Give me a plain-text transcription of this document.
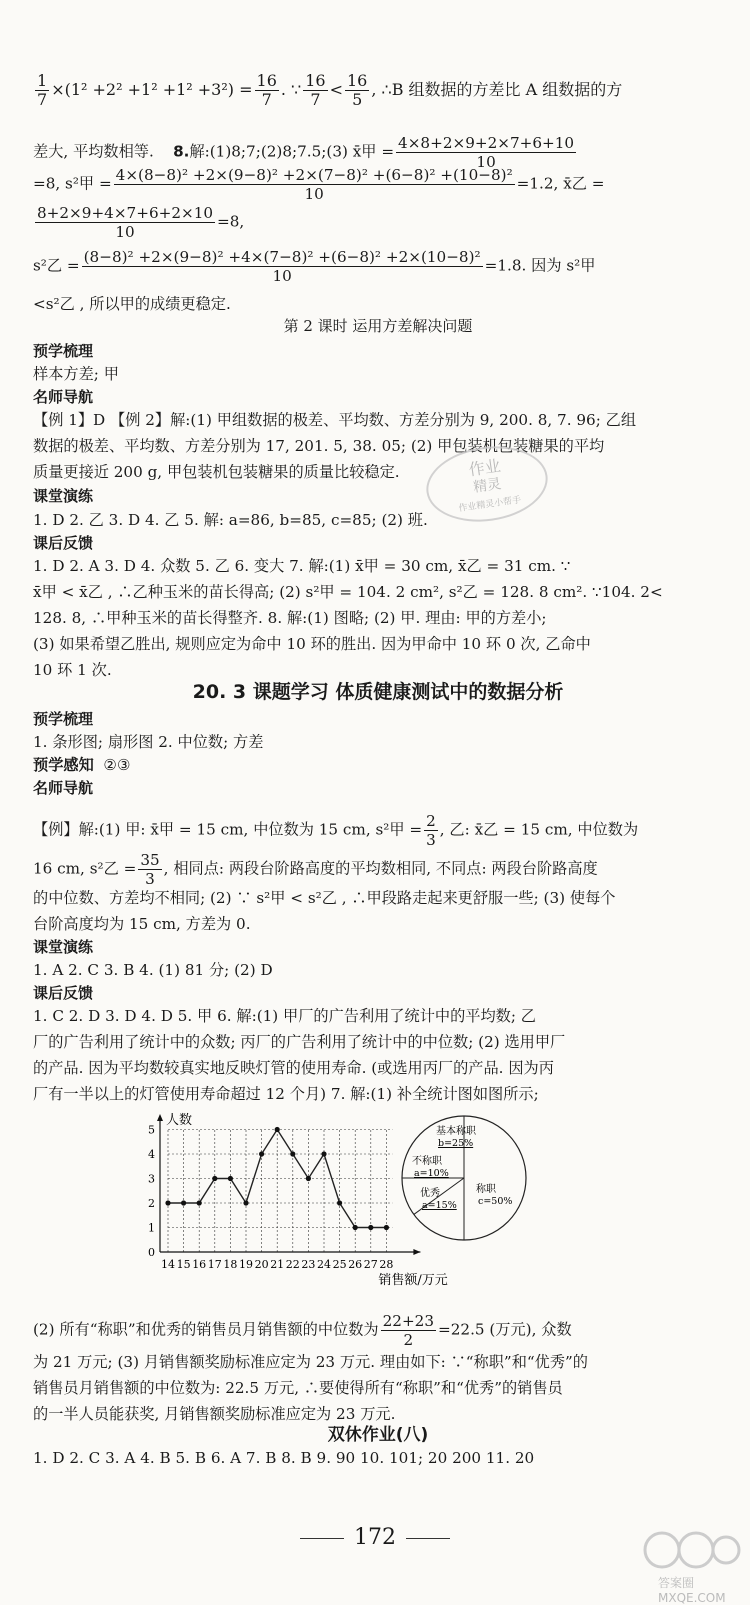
$\frac{1}{7} \times(1^2 +2^2 +1^2 +1^2 +3^2) = \frac{16}{7}$ . ∵ $\frac{16}{7} < \frac{16}{5}$ , ∴B 组数据的方差比 A 组数据的方
差大, 平均数相等. 8.解:(1)8;7;(2)8;7.5;(3) x̄甲 = $\frac{4\times 8+2\times 9+2\times 7+6+10}{10}$
=8, s²甲 = $\frac{\text{4×(8−8)² +2×(9−8)² +2×(7−8)² +(6−8)² +(10−8)²}}{10} =1.2$, x̄乙 =
$\frac{8+2\times 9+4\times 7+6+2\times 10}{10} =8$,
s²乙 = $\frac{\text{(8−8)² +2×(9−8)² +4×(7−8)² +(6−8)² +2×(10−8)²}}{10} =1.8$. 因为 s²甲
<s²乙 , 所以甲的成绩更稳定.
第 2 课时 运用方差解决问题
预学梳理
样本方差; 甲
名师导航
【例 1】D 【例 2】解:(1) 甲组数据的极差、平均数、方差分别为 9, 200. 8, 7. 96; 乙组
数据的极差、平均数、方差分别为 17, 201. 5, 38. 05; (2) 甲包装机包装糖果的平均
质量更接近 200 g, 甲包装机包装糖果的质量比较稳定.	作业
精灵
作业精灵小帮手
课堂演练
1. D 2. 乙 3. D 4. 乙 5. 解: a=86, b=85, c=85; (2) 班.
课后反馈
1. D 2. A 3. D 4. 众数 5. 乙 6. 变大 7. 解:(1) x̄甲 = 30 cm, x̄乙 = 31 cm. ∵
x̄甲 < x̄乙 , ∴乙种玉米的苗长得高; (2) s²甲 = 104. 2 cm², s²乙 = 128. 8 cm². ∵104. 2<
128. 8, ∴甲种玉米的苗长得整齐. 8. 解:(1) 图略; (2) 甲. 理由: 甲的方差小;
(3) 如果希望乙胜出, 规则应定为命中 10 环的胜出. 因为甲命中 10 环 0 次, 乙命中
10 环 1 次.
20. 3 课题学习 体质健康测试中的数据分析
预学梳理
1. 条形图; 扇形图 2. 中位数; 方差
预学感知 ②③
名师导航
【例】解:(1) 甲: x̄甲 = 15 cm, 中位数为 15 cm, s²甲 = $\frac{2}{3}$ , 乙: x̄乙 = 15 cm, 中位数为
16 cm, s²乙 = $\frac{35}{3}$ , 相同点: 两段台阶路高度的平均数相同, 不同点: 两段台阶路高度
的中位数、方差均不相同; (2) ∵ s²甲 < s²乙 , ∴甲段路走起来更舒服一些; (3) 使每个
台阶高度均为 15 cm, 方差为 0.
课堂演练
1. A 2. C 3. B 4. (1) 81 分; (2) D
课后反馈
1. C 2. D 3. D 4. D 5. 甲 6. 解:(1) 甲厂的广告利用了统计中的平均数; 乙
厂的广告利用了统计中的众数; 丙厂的广告利用了统计中的中位数; (2) 选用甲厂
的产品. 因为平均数较真实地反映灯管的使用寿命. (或选用丙厂的产品. 因为丙
厂有一半以上的灯管使用寿命超过 12 个月) 7. 解:(1) 补全统计图如图所示;
人数
0
1
2
3
4
5
14 15 16 17 18 19 20 21 22 23 24 25 26 27 28
销售额/万元
基本称职
b=25%
不称职
a=10%
优秀
a=15%
称职
c=50%
(2) 所有“称职”和优秀的销售员月销售额的中位数为 $\frac{22+23}{2} =22.5$ (万元), 众数
为 21 万元; (3) 月销售额奖励标准应定为 23 万元. 理由如下: ∵“称职”和“优秀”的
销售员月销售额的中位数为: 22.5 万元, ∴要使得所有“称职”和“优秀”的销售员
的一半人员能获奖, 月销售额奖励标准应定为 23 万元.
双休作业(八)
1. D 2. C 3. A 4. B 5. B 6. A 7. B 8. B 9. 90 10. 101; 20 200 11. 20
172
答案圈 MXQE.COM
